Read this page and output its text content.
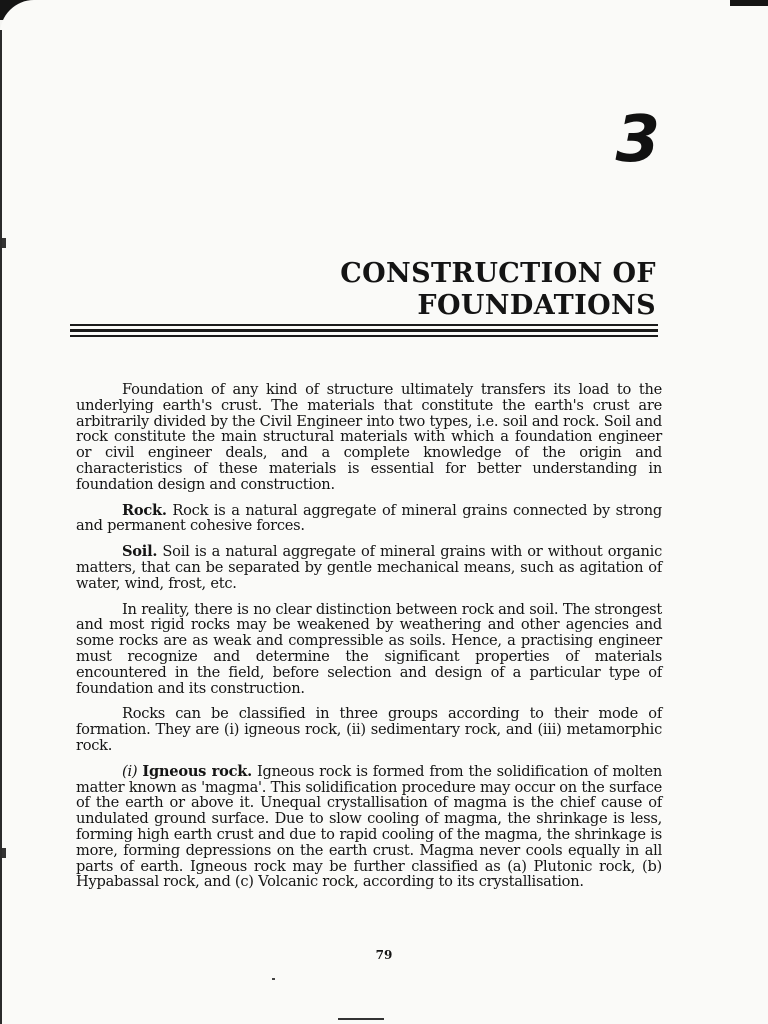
3
CONSTRUCTION OF
FOUNDATIONS

Foundation of any kind of structure ultimately transfers its load to the underlying earth's crust. The materials that constitute the earth's crust are arbitrarily divided by the Civil Engineer into two types, i.e. soil and rock. Soil and rock constitute the main structural materials with which a foundation engineer or civil engineer deals, and a complete knowledge of the origin and characteristics of these materials is essential for better understanding in foundation design and construction.

Rock. Rock is a natural aggregate of mineral grains connected by strong and permanent cohesive forces.

Soil. Soil is a natural aggregate of mineral grains with or without organic matters, that can be separated by gentle mechanical means, such as agitation of water, wind, frost, etc.

In reality, there is no clear distinction between rock and soil. The strongest and most rigid rocks may be weakened by weathering and other agencies and some rocks are as weak and compressible as soils. Hence, a practising engineer must recognize and determine the significant properties of materials encountered in the field, before selection and design of a particular type of foundation and its construction.

Rocks can be classified in three groups according to their mode of formation. They are (i) igneous rock, (ii) sedimentary rock, and (iii) metamorphic rock.

(i) Igneous rock. Igneous rock is formed from the solidification of molten matter known as 'magma'. This solidification procedure may occur on the surface of the earth or above it. Unequal crystallisation of magma is the chief cause of undulated ground surface. Due to slow cooling of magma, the shrinkage is less, forming high earth crust and due to rapid cooling of the magma, the shrinkage is more, forming depressions on the earth crust. Magma never cools equally in all parts of earth. Igneous rock may be further classified as (a) Plutonic rock, (b) Hypabassal rock, and (c) Volcanic rock, according to its crystallisation.

79
